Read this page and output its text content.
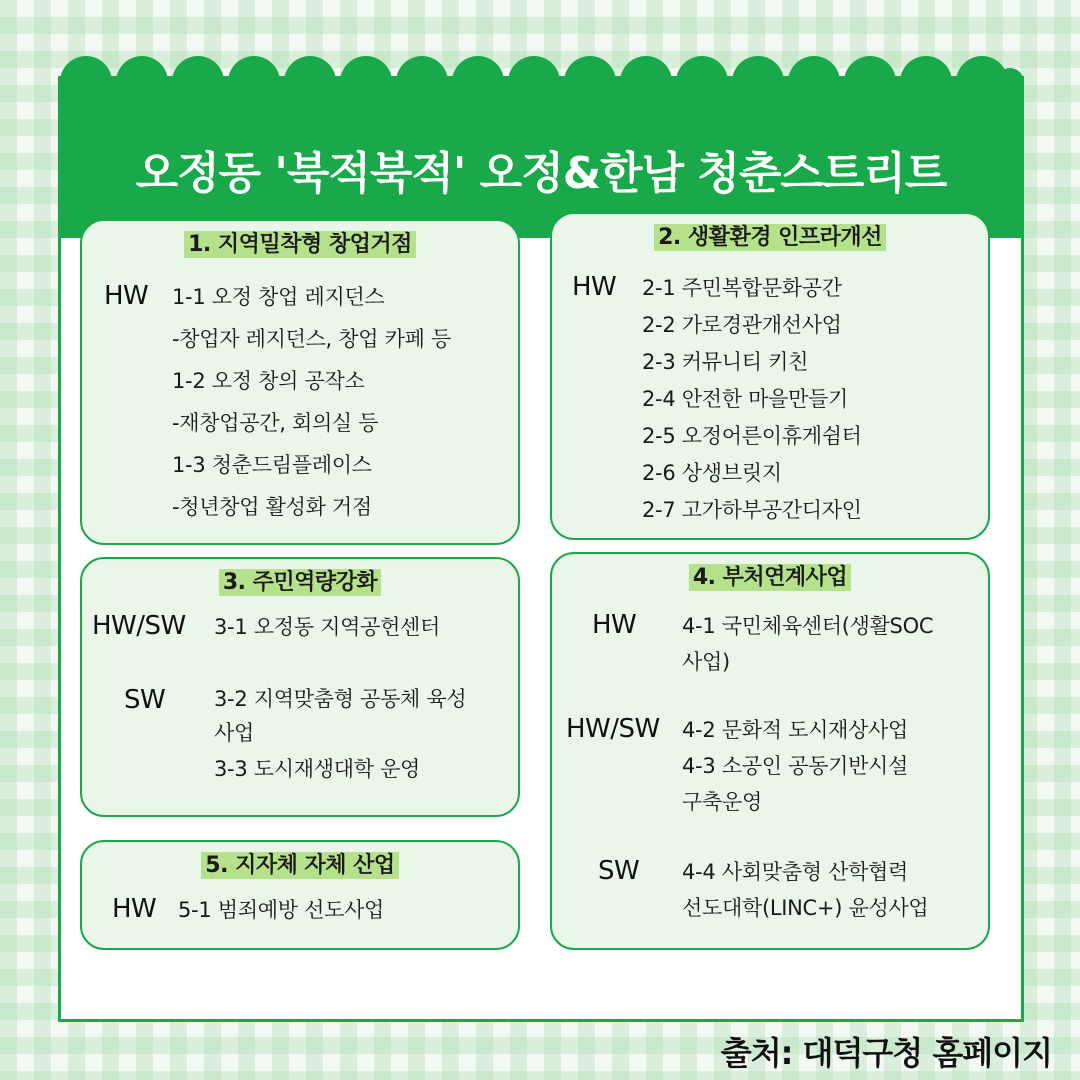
오정동 '북적북적' 오정&한남 청춘스트리트
1. 지역밀착형 창업거점
HW 1-1 오정 창업 레지던스
-창업자 레지던스, 창업 카페 등
1-2 오정 창의 공작소
-재창업공간, 회의실 등
1-3 청춘드림플레이스
-청년창업 활성화 거점
2. 생활환경 인프라개선
HW 2-1 주민복합문화공간
2-2 가로경관개선사업
2-3 커뮤니티 키친
2-4 안전한 마을만들기
2-5 오정어른이휴게쉼터
2-6 상생브릿지
2-7 고가하부공간디자인
3. 주민역량강화
HW/SW 3-1 오정동 지역공헌센터
SW 3-2 지역맞춤형 공동체 육성
사업
3-3 도시재생대학 운영
4. 부처연계사업
HW 4-1 국민체육센터(생활SOC
사업)
HW/SW 4-2 문화적 도시재상사업
4-3 소공인 공동기반시설
구축운영
SW 4-4 사회맞춤형 산학협력
선도대학(LINC+) 윤성사업
5. 지자체 자체 산업
HW 5-1 범죄예방 선도사업
출처: 대덕구청 홈페이지
